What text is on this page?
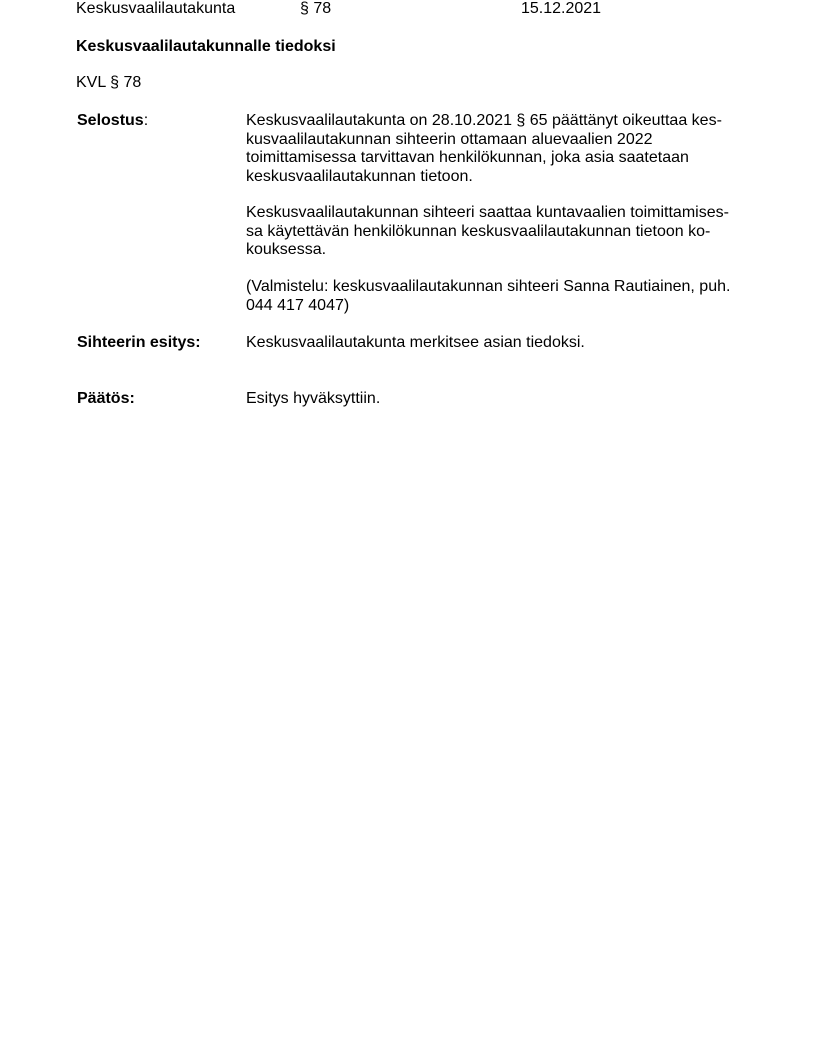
Keskusvaalilautakunta	§ 78	15.12.2021
Keskusvaalilautakunnalle tiedoksi
KVL § 78
Selostus:	Keskusvaalilautakunta on 28.10.2021 § 65 päättänyt oikeuttaa kes-
kusvaalilautakunnan sihteerin ottamaan aluevaalien 2022
toimittamisessa tarvittavan henkilökunnan, joka asia saatetaan
keskusvaalilautakunnan tietoon.
Keskusvaalilautakunnan sihteeri saattaa kuntavaalien toimittamises-
sa käytettävän henkilökunnan keskusvaalilautakunnan tietoon ko-
kouksessa.
(Valmistelu: keskusvaalilautakunnan sihteeri Sanna Rautiainen, puh.
044 417 4047)
Sihteerin esitys:	Keskusvaalilautakunta merkitsee asian tiedoksi.
Päätös:	Esitys hyväksyttiin.
